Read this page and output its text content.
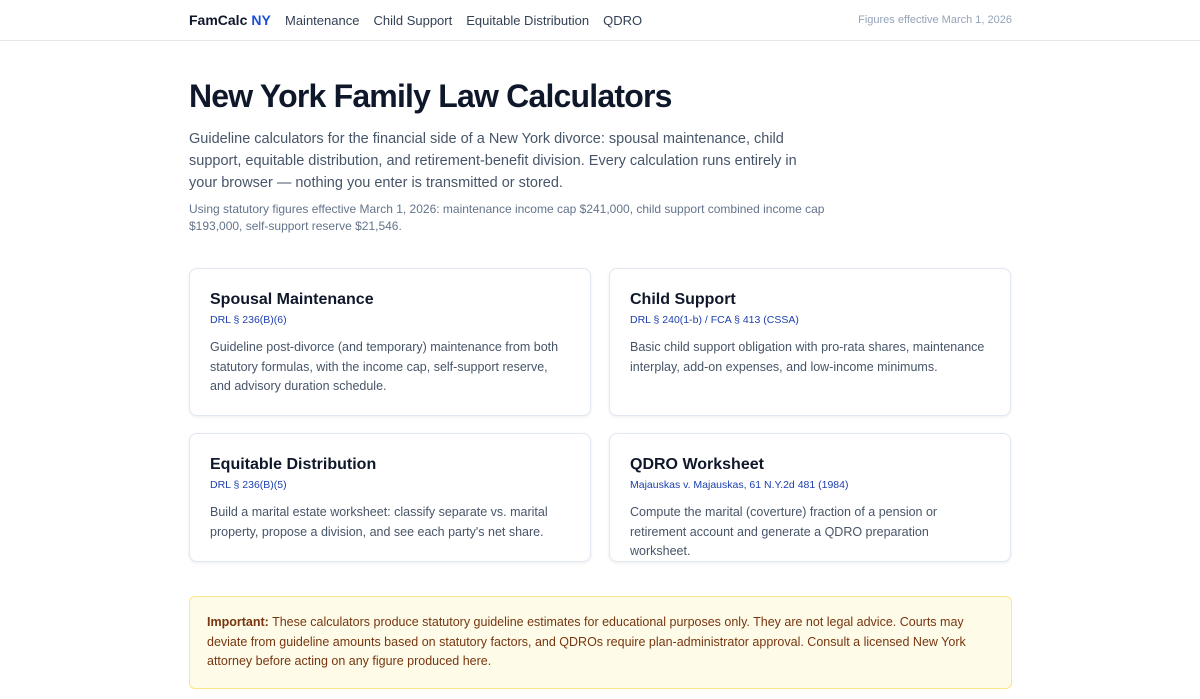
FamCalc NY Maintenance Child Support Equitable Distribution QDRO	Figures effective March 1, 2026
New York Family Law Calculators

Guideline calculators for the financial side of a New York divorce: spousal maintenance, child support, equitable distribution, and retirement-benefit division. Every calculation runs entirely in your browser — nothing you enter is transmitted or stored.

Using statutory figures effective March 1, 2026: maintenance income cap $241,000, child support combined income cap $193,000, self-support reserve $21,546.

Spousal Maintenance
DRL § 236(B)(6)
Guideline post-divorce (and temporary) maintenance from both statutory formulas, with the income cap, self-support reserve, and advisory duration schedule.
Child Support
DRL § 240(1-b) / FCA § 413 (CSSA)
Basic child support obligation with pro-rata shares, maintenance interplay, add-on expenses, and low-income minimums.
Equitable Distribution
DRL § 236(B)(5)
Build a marital estate worksheet: classify separate vs. marital property, propose a division, and see each party's net share.
QDRO Worksheet
Majauskas v. Majauskas, 61 N.Y.2d 481 (1984)
Compute the marital (coverture) fraction of a pension or retirement account and generate a QDRO preparation worksheet.
Important: These calculators produce statutory guideline estimates for educational purposes only. They are not legal advice. Courts may deviate from guideline amounts based on statutory factors, and QDROs require plan-administrator approval. Consult a licensed New York attorney before acting on any figure produced here.
